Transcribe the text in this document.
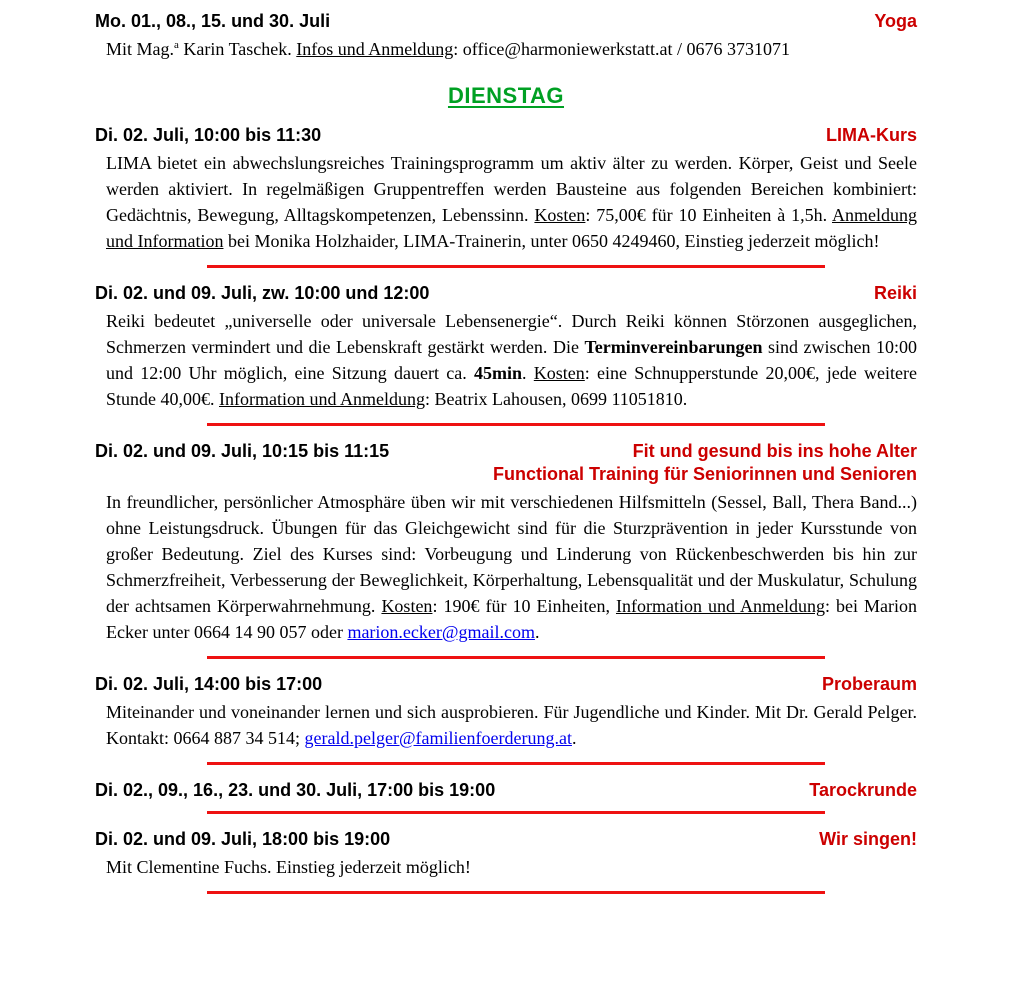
Mo. 01., 08., 15. und 30. Juli	Yoga

Mit Mag.$^a$ Karin Taschek. Infos und Anmeldung: office@harmoniewerkstatt.at / 0676 3731071

DIENSTAG
Di. 02. Juli, 10:00 bis 11:30	LIMA-Kurs

LIMA bietet ein abwechslungsreiches Trainingsprogramm um aktiv älter zu werden. Körper, Geist und Seele werden aktiviert. In regelmäßigen Gruppentreffen werden Bausteine aus folgenden Bereichen kombiniert: Gedächtnis, Bewegung, Alltagskompetenzen, Lebenssinn. Kosten: 75,00€ für 10 Einheiten à 1,5h. Anmeldung und Information bei Monika Holzhaider, LIMA-Trainerin, unter 0650 4249460, Einstieg jederzeit möglich!

Di. 02. und 09. Juli, zw. 10:00 und 12:00	Reiki

Reiki bedeutet „universelle oder universale Lebensenergie“. Durch Reiki können Störzonen ausgeglichen, Schmerzen vermindert und die Lebenskraft gestärkt werden. Die Terminvereinbarungen sind zwischen 10:00 und 12:00 Uhr möglich, eine Sitzung dauert ca. 45min. Kosten: eine Schnupperstunde 20,00€, jede weitere Stunde 40,00€. Information und Anmeldung: Beatrix Lahousen, 0699 11051810.

Di. 02. und 09. Juli, 10:15 bis 11:15	Fit und gesund bis ins hohe Alter
Functional Training für Seniorinnen und Senioren

In freundlicher, persönlicher Atmosphäre üben wir mit verschiedenen Hilfsmitteln (Sessel, Ball, Thera Band...) ohne Leistungsdruck. Übungen für das Gleichgewicht sind für die Sturzprävention in jeder Kursstunde von großer Bedeutung. Ziel des Kurses sind: Vorbeugung und Linderung von Rückenbeschwerden bis hin zur Schmerzfreiheit, Verbesserung der Beweglichkeit, Körperhaltung, Lebensqualität und der Muskulatur, Schulung der achtsamen Körperwahrnehmung. Kosten: 190€ für 10 Einheiten, Information und Anmeldung: bei Marion Ecker unter 0664 14 90 057 oder marion.ecker@gmail.com.

Di. 02. Juli, 14:00 bis 17:00	Proberaum

Miteinander und voneinander lernen und sich ausprobieren. Für Jugendliche und Kinder. Mit Dr. Gerald Pelger. Kontakt: 0664 887 34 514; gerald.pelger@familienfoerderung.at.

Di. 02., 09., 16., 23. und 30. Juli, 17:00 bis 19:00	Tarockrunde
Di. 02. und 09. Juli, 18:00 bis 19:00	Wir singen!

Mit Clementine Fuchs. Einstieg jederzeit möglich!
